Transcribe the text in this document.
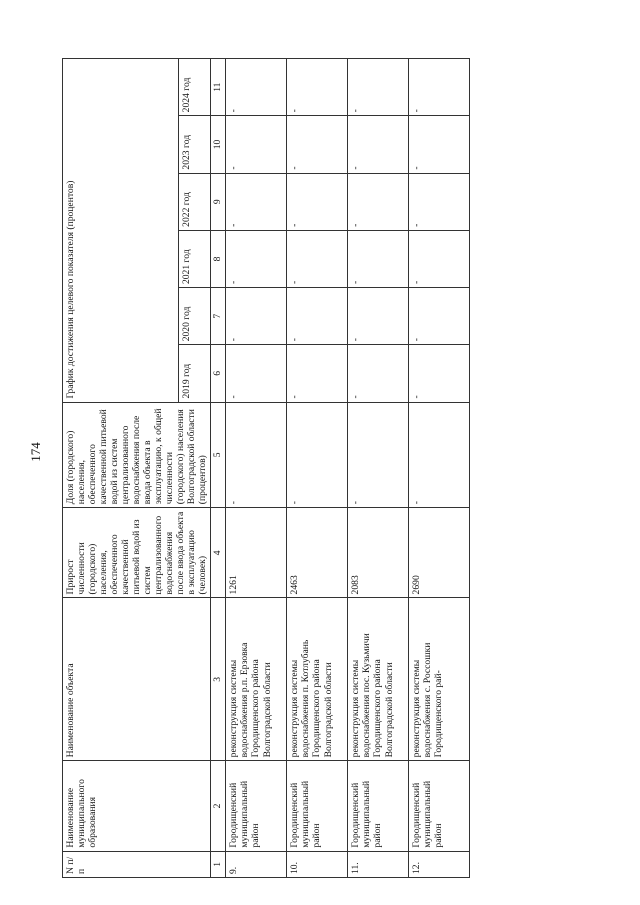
174
N п/п	Наименование муниципального образования	Наименование объекта	Прирост численности (городского) населения, обеспеченного качественной питьевой водой из систем централизованного водоснабжения после ввода объекта в эксплуатацию (человек)	Доля (городского) населения, обеспеченного качественной питьевой водой из систем централизованного водоснабжения после ввода объекта в эксплуатацию, к общей численности (городского) населения Волгоградской области (процентов)	График достижения целевого показателя (процентов)					
					2019 год	2020 год	2021 год	2022 год	2023 год	2024 год
1	2	3	4	5	6	7	8	9	10	11
9.	Городищенский муниципальный район	реконструкция системы водоснабжения р.п. Ерзовка Городищенского района Волгоградской области	1261	-	-	-	-	-	-	-
10.	Городищенский муниципальный район	реконструкция системы водоснабжения п. Котлубань Городищенского района Волгоградской области	2463	-	-	-	-	-	-	-
11.	Городищенский муниципальный район	реконструкция системы водоснабжения пос. Кузьмичи Городищенского района Волгоградской области	2083	-	-	-	-	-	-	-
12.	Городищенский муниципальный район	реконструкция системы водоснабжения с. Россошки Городищенского рай-	2690	-	-	-	-	-	-	-
